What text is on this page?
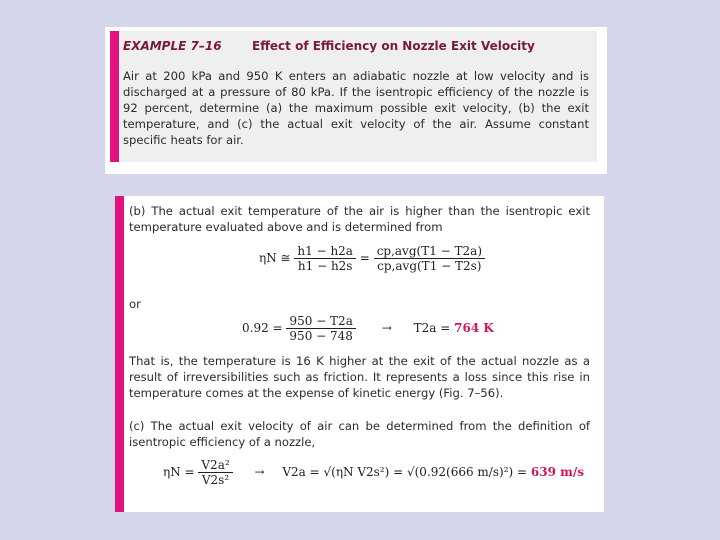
EXAMPLE 7–16	Effect of Efficiency on Nozzle Exit Velocity
Air at 200 kPa and 950 K enters an adiabatic nozzle at low velocity and is discharged at a pressure of 80 kPa. If the isentropic efficiency of the nozzle is 92 percent, determine (a) the maximum possible exit velocity, (b) the exit temperature, and (c) the actual exit velocity of the air. Assume constant specific heats for air.
(b) The actual exit temperature of the air is higher than the isentropic exit temperature evaluated above and is determined from
ηN ≅ $\frac{h1 - h2a}{h1 - h2s} = \frac{\text{cp,avg(T1 − T2a)}}{\text{cp,avg(T1 − T2s)}}$
or
$0.92 = \frac{950 - T2a}{950 - 748} \to T2a = 764$ K
That is, the temperature is 16 K higher at the exit of the actual nozzle as a result of irreversibilities such as friction. It represents a loss since this rise in temperature comes at the expense of kinetic energy (Fig. 7–56).
(c) The actual exit velocity of air can be determined from the definition of isentropic efficiency of a nozzle,
$\eta N = \frac{\text{V2a²}}{\text{V2s²}} \to V2a = √(\eta N$ V2s²) = √(0.92(666 m/s)²) = 639 m/s
